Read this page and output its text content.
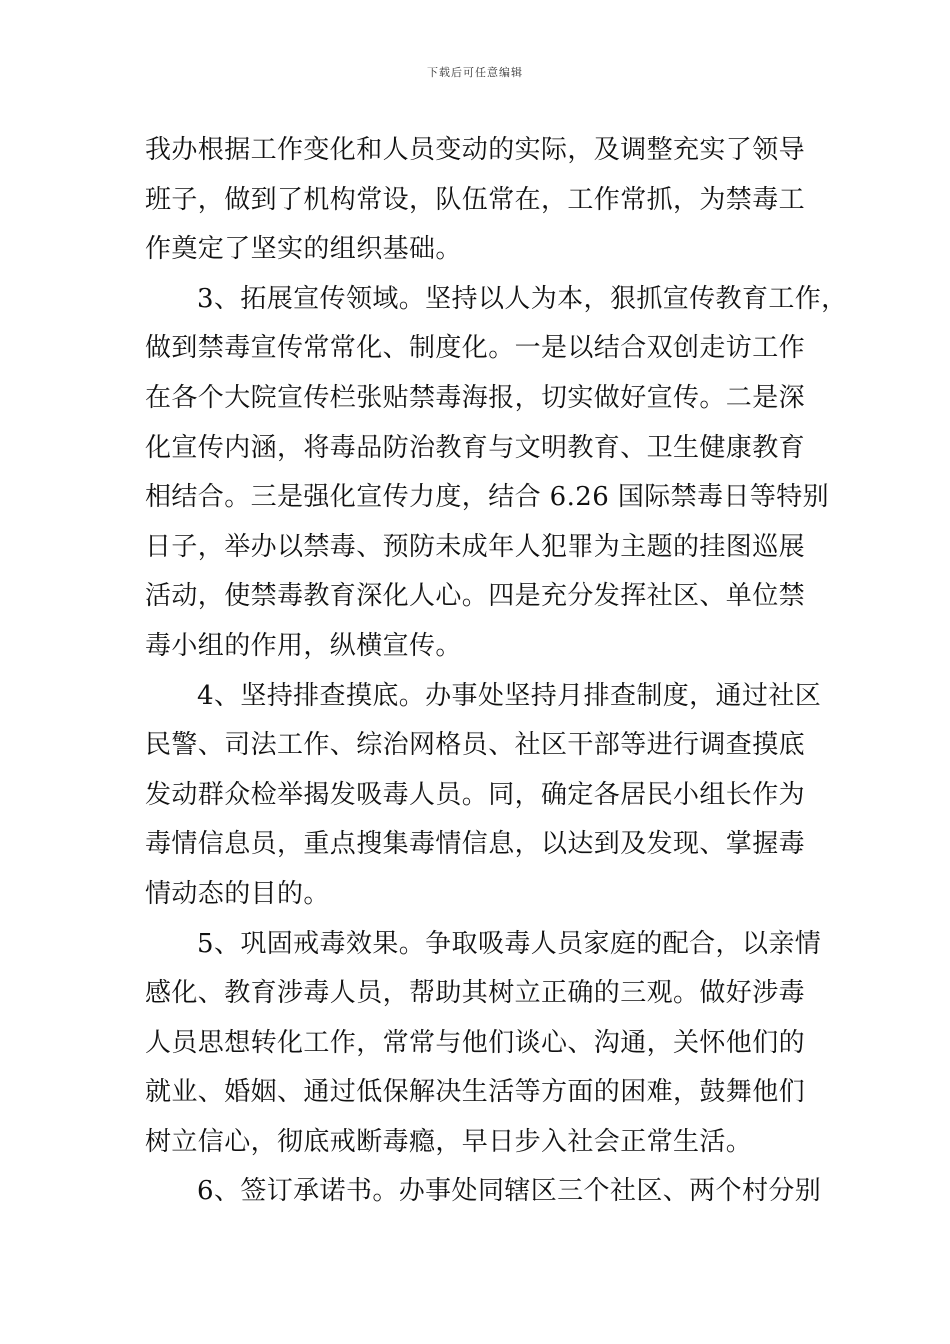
下载后可任意编辑
我办根据工作变化和人员变动的实际，及调整充实了领导
班子，做到了机构常设，队伍常在，工作常抓，为禁毒工
作奠定了坚实的组织基础。
3、拓展宣传领域。坚持以人为本，狠抓宣传教育工作，
做到禁毒宣传常常化、制度化。一是以结合双创走访工作
在各个大院宣传栏张贴禁毒海报，切实做好宣传。二是深
化宣传内涵，将毒品防治教育与文明教育、卫生健康教育
相结合。三是强化宣传力度，结合 6.26 国际禁毒日等特别
日子，举办以禁毒、预防未成年人犯罪为主题的挂图巡展
活动，使禁毒教育深化人心。四是充分发挥社区、单位禁
毒小组的作用，纵横宣传。
4、坚持排查摸底。办事处坚持月排查制度，通过社区
民警、司法工作、综治网格员、社区干部等进行调查摸底
发动群众检举揭发吸毒人员。同，确定各居民小组长作为
毒情信息员，重点搜集毒情信息，以达到及发现、掌握毒
情动态的目的。
5、巩固戒毒效果。争取吸毒人员家庭的配合，以亲情
感化、教育涉毒人员，帮助其树立正确的三观。做好涉毒
人员思想转化工作，常常与他们谈心、沟通，关怀他们的
就业、婚姻、通过低保解决生活等方面的困难，鼓舞他们
树立信心，彻底戒断毒瘾，早日步入社会正常生活。
6、签订承诺书。办事处同辖区三个社区、两个村分别
